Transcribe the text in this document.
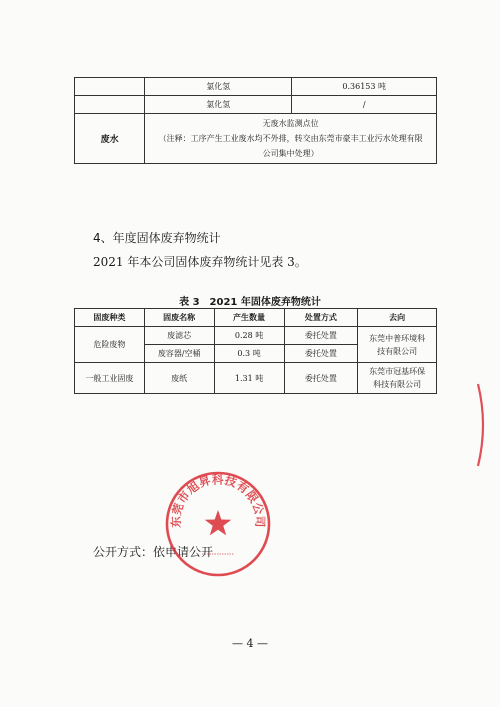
	氯化氢	0.36153 吨
	氯化氢	/
废水	无废水监测点位
（注释：工序产生工业废水均不外排，转交由东莞市豪丰工业污水处理有限
公司集中处理）	
4、年度固体废弃物统计
2021 年本公司固体废弃物统计见表 3。
表 3　2021 年固体废弃物统计
固废种类	固废名称	产生数量	处置方式	去向
危险废物	废滤芯	0.28 吨	委托处置	东莞中普环境科
技有限公司

	废容器/空桶	0.3 吨	委托处置	
一般工业固废	废纸	1.31 吨	委托处置	东莞市冠基环保
科技有限公司
公开方式：依申请公开
东莞市旭昇科技有限公司
— 4 —
